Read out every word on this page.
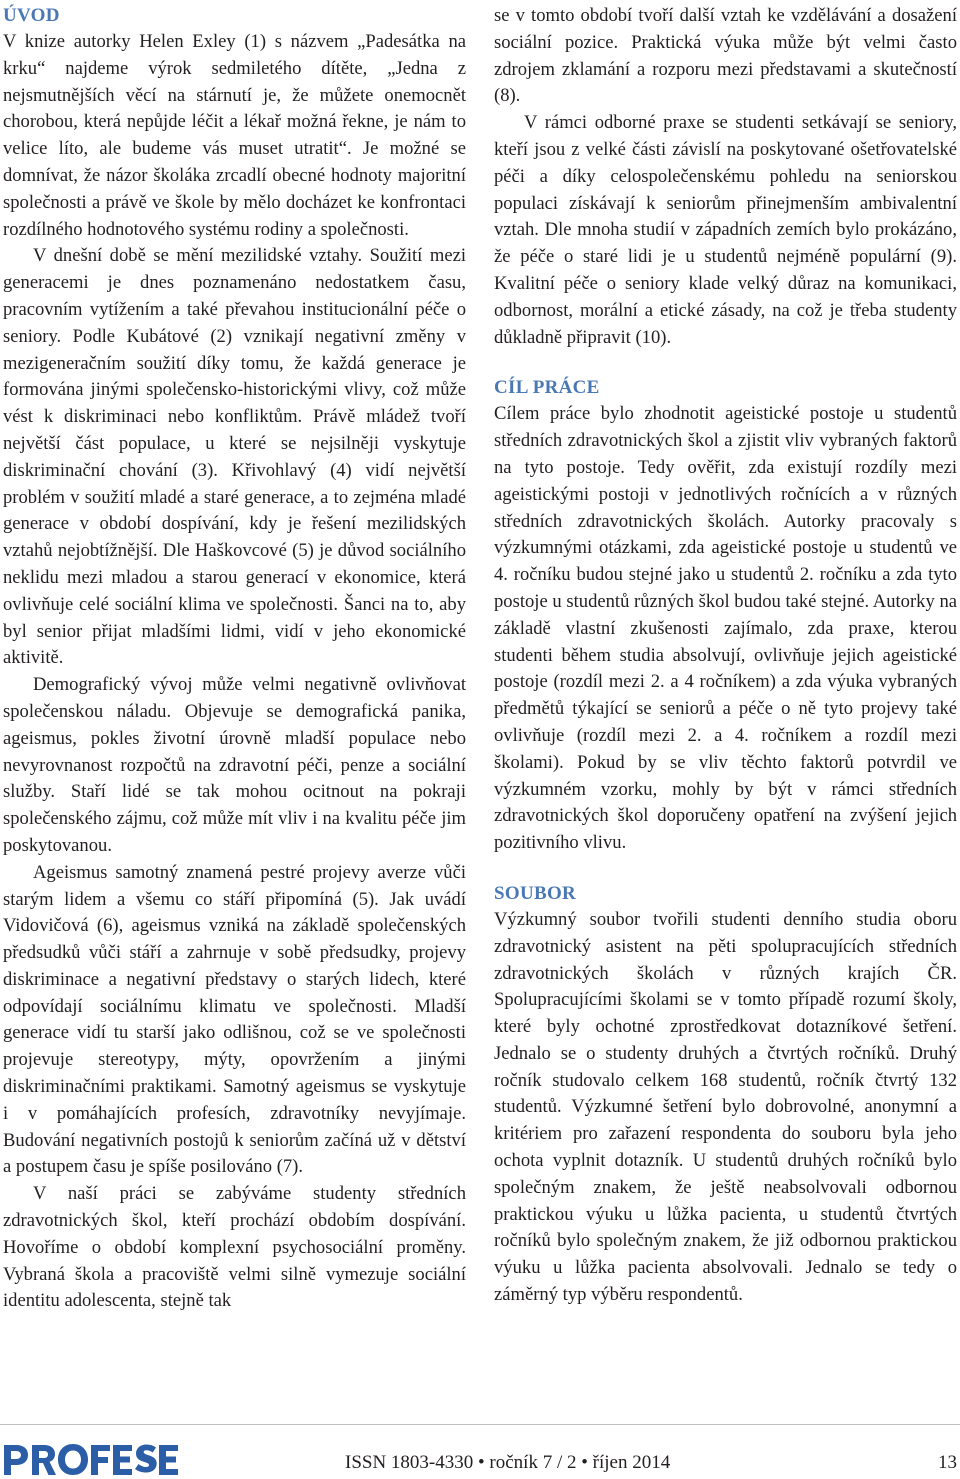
ÚVOD

V knize autorky Helen Exley (1) s názvem „Padesátka na krku“ najdeme výrok sedmiletého dítěte, „Jedna z nejsmutnějších věcí na stárnutí je, že můžete onemocnět chorobou, která nepůjde léčit a lékař možná řekne, je nám to velice líto, ale budeme vás muset utratit“. Je možné se domnívat, že názor školáka zrcadlí obecné hodnoty majoritní společnosti a právě ve škole by mělo docházet ke konfrontaci rozdílného hodnotového systému rodiny a společnosti.

V dnešní době se mění mezilidské vztahy. Soužití mezi generacemi je dnes poznamenáno nedostatkem času, pracovním vytížením a také převahou institucionální péče o seniory. Podle Kubátové (2) vznikají negativní změny v mezigeneračním soužití díky tomu, že každá generace je formována jinými společensko-historickými vlivy, což může vést k diskriminaci nebo konfliktům. Právě mládež tvoří největší část populace, u které se nejsilněji vyskytuje diskriminační chování (3). Křivohlavý (4) vidí největší problém v soužití mladé a staré generace, a to zejména mladé generace v období dospívání, kdy je řešení mezilidských vztahů nejobtížnější. Dle Haškovcové (5) je důvod sociálního neklidu mezi mladou a starou generací v ekonomice, která ovlivňuje celé sociální klima ve společnosti. Šanci na to, aby byl senior přijat mladšími lidmi, vidí v jeho ekonomické aktivitě.

Demografický vývoj může velmi negativně ovlivňovat společenskou náladu. Objevuje se demografická panika, ageismus, pokles životní úrovně mladší populace nebo nevyrovnanost rozpočtů na zdravotní péči, penze a sociální služby. Staří lidé se tak mohou ocitnout na pokraji společenského zájmu, což může mít vliv i na kvalitu péče jim poskytovanou.

Ageismus samotný znamená pestré projevy averze vůči starým lidem a všemu co stáří připomíná (5). Jak uvádí Vidovičová (6), ageismus vzniká na základě společenských předsudků vůči stáří a zahrnuje v sobě předsudky, projevy diskriminace a negativní představy o starých lidech, které odpovídají sociálnímu klimatu ve společnosti. Mladší generace vidí tu starší jako odlišnou, což se ve společnosti projevuje stereotypy, mýty, opovržením a jinými diskriminačními praktikami. Samotný ageismus se vyskytuje i v pomáhajících profesích, zdravotníky nevyjímaje. Budování negativních postojů k seniorům začíná už v dětství a postupem času je spíše posilováno (7).

V naší práci se zabýváme studenty středních zdravotnických škol, kteří prochází obdobím dospívání. Hovoříme o období komplexní psychosociální proměny. Vybraná škola a pracoviště velmi silně vymezuje sociální identitu adolescenta, stejně tak

se v tomto období tvoří další vztah ke vzdělávání a dosažení sociální pozice. Praktická výuka může být velmi často zdrojem zklamání a rozporu mezi představami a skutečností (8).

V rámci odborné praxe se studenti setkávají se seniory, kteří jsou z velké části závislí na poskytované ošetřovatelské péči a díky celospolečenskému pohledu na seniorskou populaci získávají k seniorům přinejmenším ambivalentní vztah. Dle mnoha studií v západních zemích bylo prokázáno, že péče o staré lidi je u studentů nejméně populární (9). Kvalitní péče o seniory klade velký důraz na komunikaci, odbornost, morální a etické zásady, na což je třeba studenty důkladně připravit (10).

CÍL PRÁCE

Cílem práce bylo zhodnotit ageistické postoje u studentů středních zdravotnických škol a zjistit vliv vybraných faktorů na tyto postoje. Tedy ověřit, zda existují rozdíly mezi ageistickými postoji v jednotlivých ročnících a v různých středních zdravotnických školách. Autorky pracovaly s výzkumnými otázkami, zda ageistické postoje u studentů ve 4. ročníku budou stejné jako u studentů 2. ročníku a zda tyto postoje u studentů různých škol budou také stejné. Autorky na základě vlastní zkušenosti zajímalo, zda praxe, kterou studenti během studia absolvují, ovlivňuje jejich ageistické postoje (rozdíl mezi 2. a 4 ročníkem) a zda výuka vybraných předmětů týkající se seniorů a péče o ně tyto projevy také ovlivňuje (rozdíl mezi 2. a 4. ročníkem a rozdíl mezi školami). Pokud by se vliv těchto faktorů potvrdil ve výzkumném vzorku, mohly by být v rámci středních zdravotnických škol doporučeny opatření na zvýšení jejich pozitivního vlivu.

SOUBOR

Výzkumný soubor tvořili studenti denního studia oboru zdravotnický asistent na pěti spolupracujících středních zdravotnických školách v různých krajích ČR. Spolupracujícími školami se v tomto případě rozumí školy, které byly ochotné zprostředkovat dotazníkové šetření. Jednalo se o studenty druhých a čtvrtých ročníků. Druhý ročník studovalo celkem 168 studentů, ročník čtvrtý 132 studentů. Výzkumné šetření bylo dobrovolné, anonymní a kritériem pro zařazení respondenta do souboru byla jeho ochota vyplnit dotazník. U studentů druhých ročníků bylo společným znakem, že ještě neabsolvovali odbornou praktickou výuku u lůžka pacienta, u studentů čtvrtých ročníků bylo společným znakem, že již odbornou praktickou výuku u lůžka pacienta absolvovali. Jednalo se tedy o záměrný typ výběru respondentů.

ISSN 1803-4330 • ročník 7 / 2 • říjen 2014	13
